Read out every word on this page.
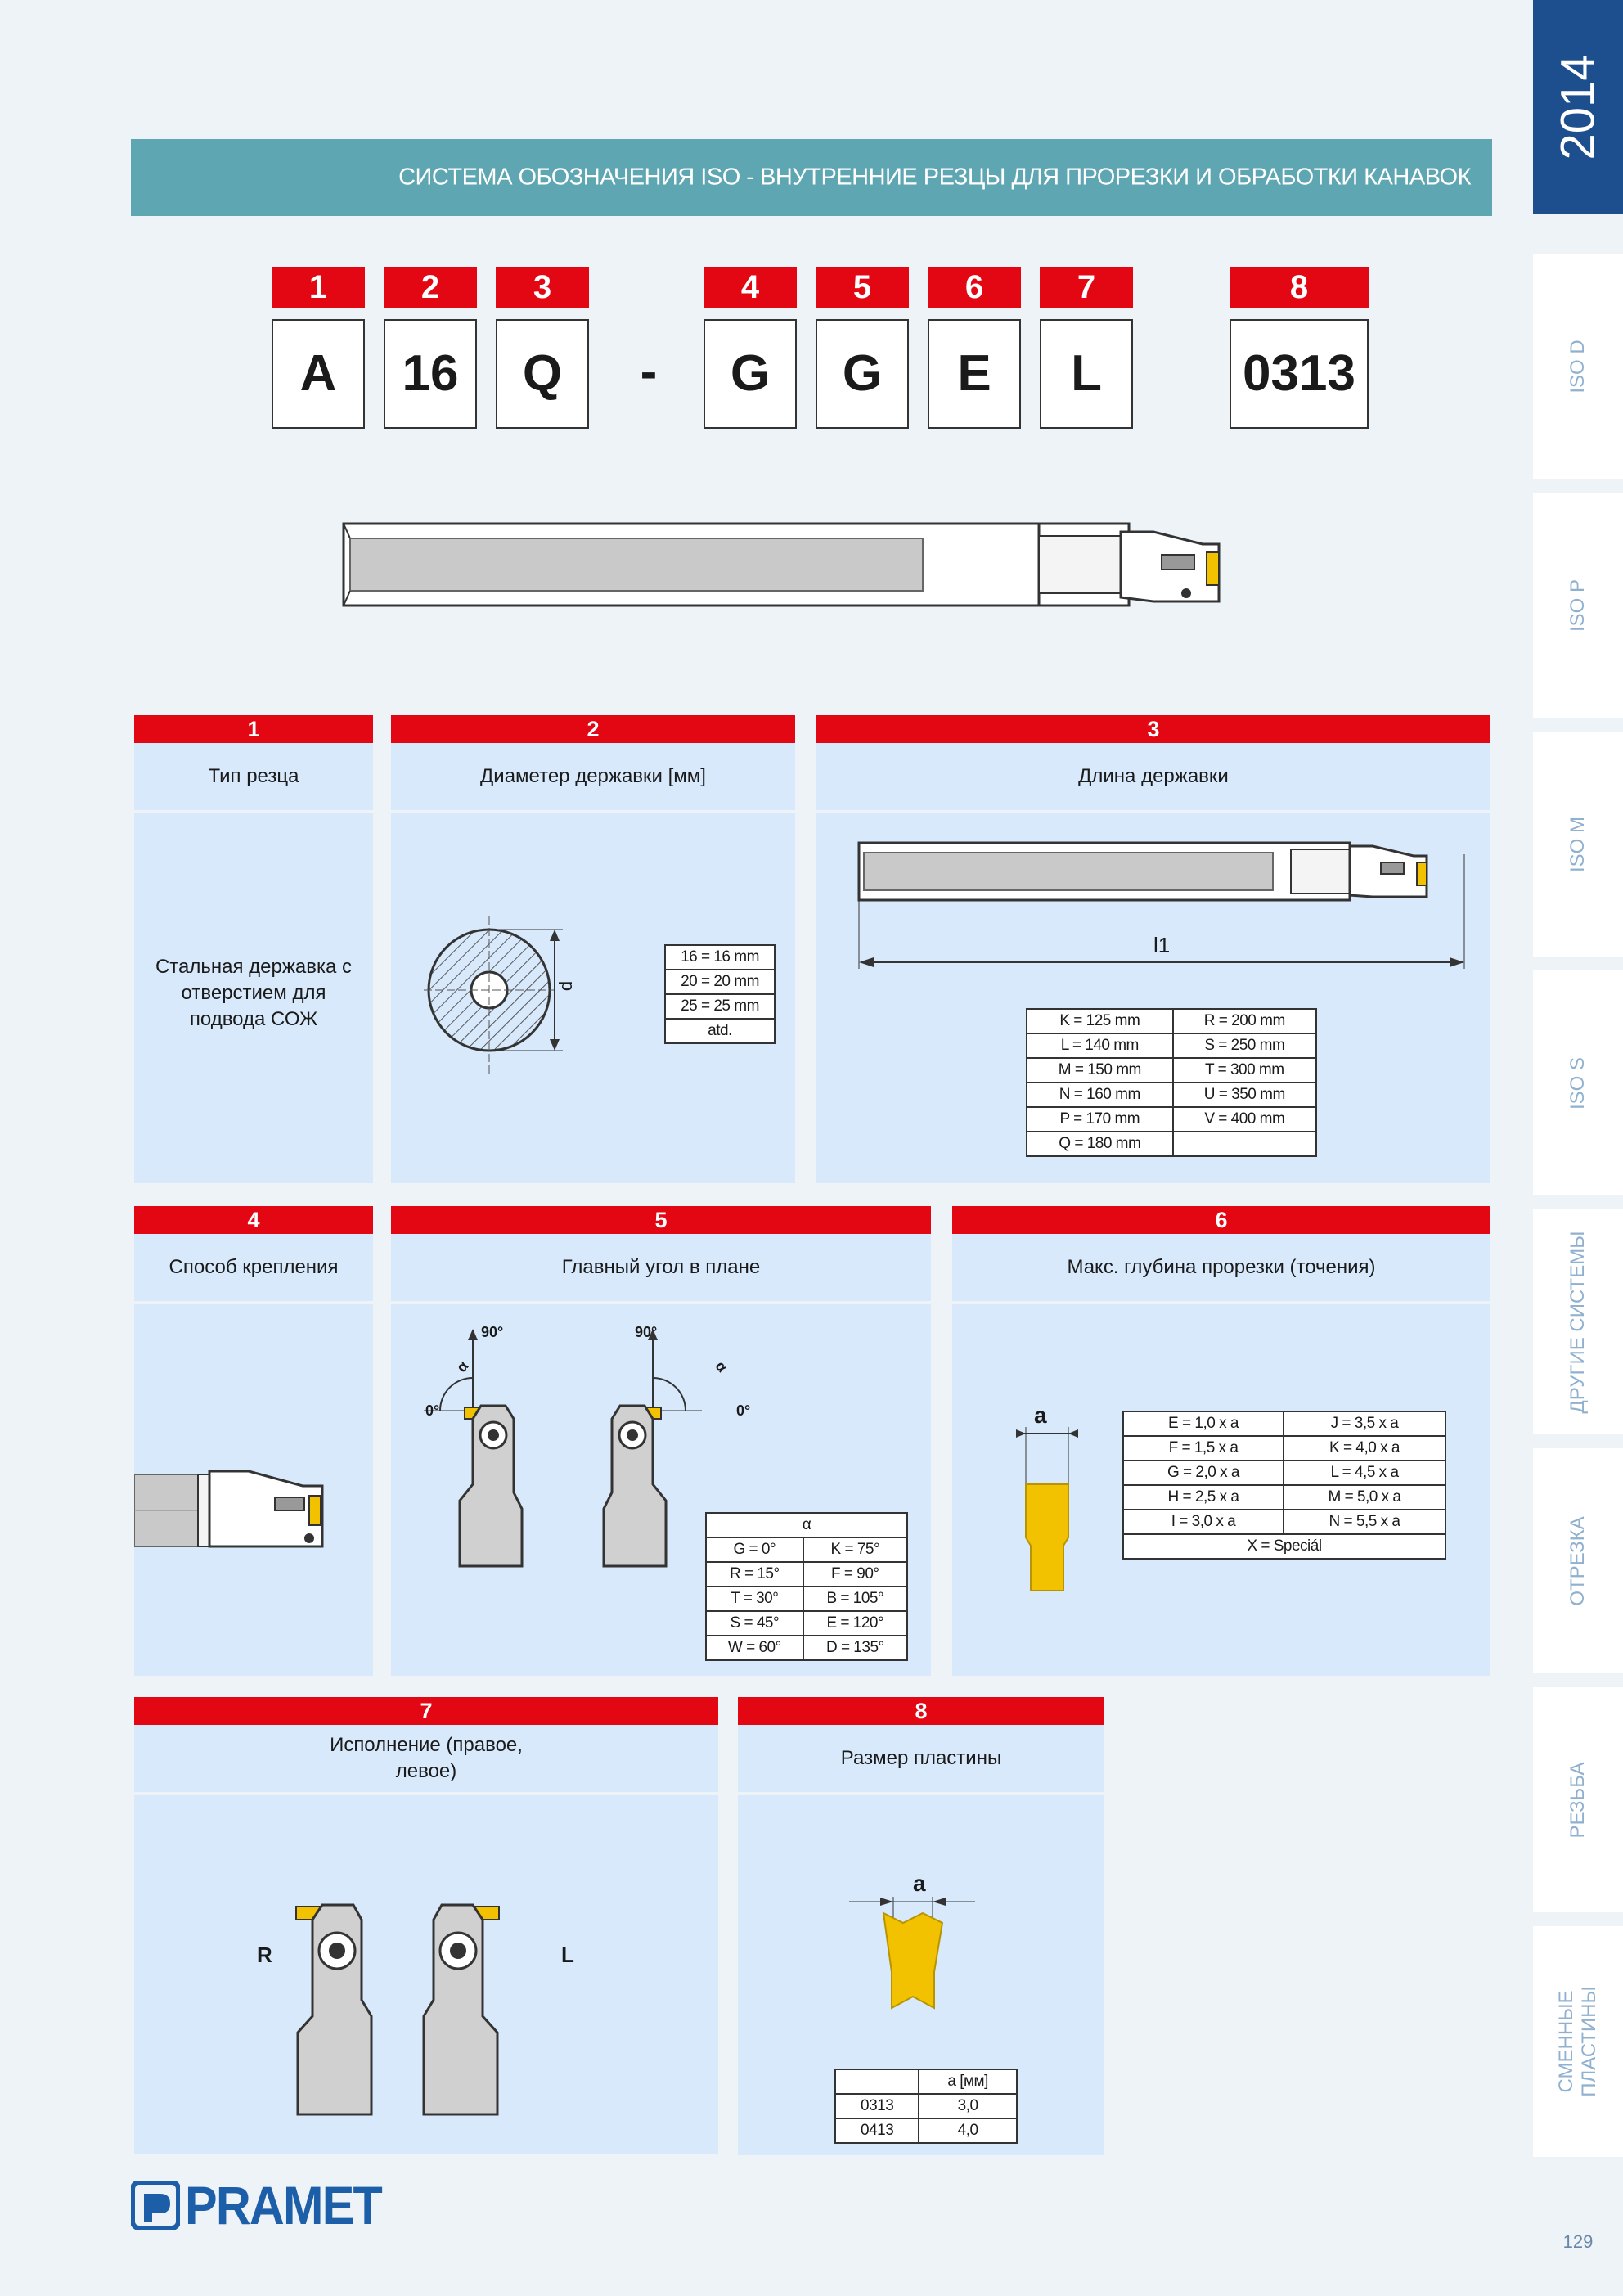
2014
ISO D
ISO P
ISO M
ISO S
ДРУГИЕ СИСТЕМЫ
ОТРЕЗКА
РЕЗЬБА
СМЕННЫЕ ПЛАСТИНЫ
129
СИСТЕМА ОБОЗНАЧЕНИЯ ISO - ВНУТРЕННИЕ РЕЗЦЫ ДЛЯ ПРОРЕЗКИ И ОБРАБОТКИ КАНАВОК
1	2	3	4	5	6	7	8
A	16	Q	-	G	G	E	L	0313
1
Тип резца
Стальная державка с отверстием для подвода СОЖ
2
Диаметер державки [мм]
d
16 = 16 mm
20 = 20 mm
25 = 25 mm
atd.
3
Длина державки
l1
K = 125 mm	R = 200 mm
L = 140 mm	S = 250 mm
M = 150 mm	T = 300 mm
N = 160 mm	U = 350 mm
P = 170 mm	V = 400 mm
Q = 180 mm	
4
Способ крепления
5
Главный угол в плане
90°
0°
α
90°
0°
α
α	
G = 0°	K = 75°
R = 15°	F = 90°
T = 30°	B = 105°
S = 45°	E = 120°
W = 60°	D = 135°
6
Макс. глубина прорезки (точения)
a	E = 1,0 x a	J = 3,5 x a
F = 1,5 x a	K = 4,0 x a
G = 2,0 x a	L = 4,5 x a
H = 2,5 x a	M = 5,0 x a
I = 3,0 x a	N = 5,5 x a
X = Speciál	
7
Исполнение (правое, левое)
R	L
8
Размер пластины
a
	a [мм]
0313	3,0
0413	4,0
PRAMET
